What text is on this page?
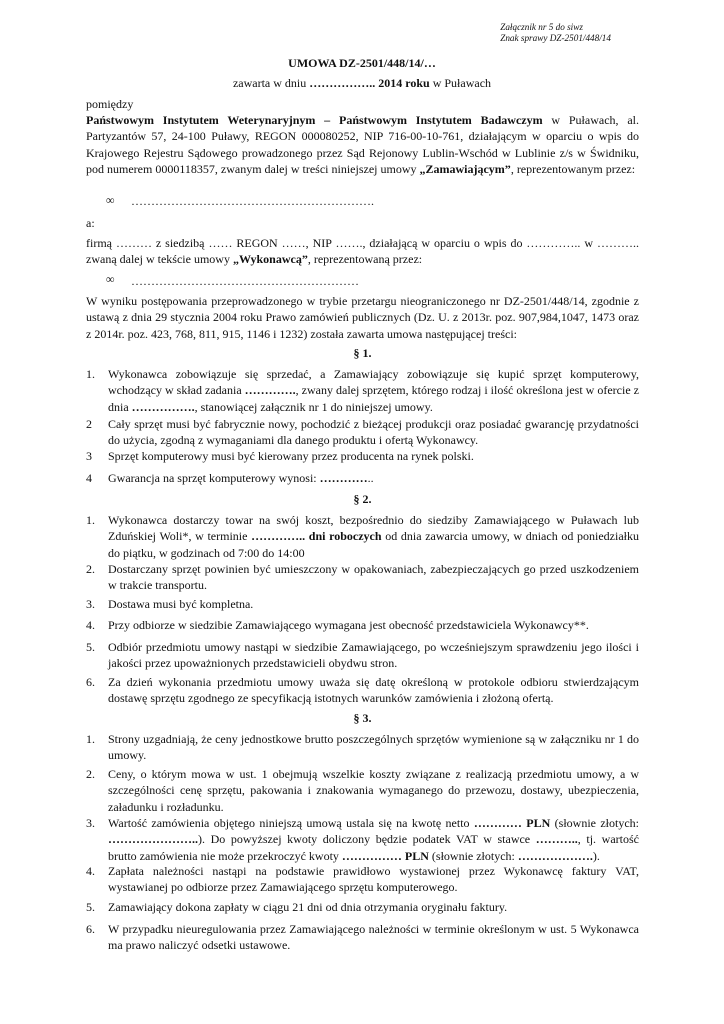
Załącznik nr 5 do siwz
Znak sprawy DZ-2501/448/14
UMOWA DZ-2501/448/14/…
zawarta w dniu …………….. 2014 roku w Puławach
pomiędzy
Państwowym Instytutem Weterynaryjnym – Państwowym Instytutem Badawczym w Puławach, al. Partyzantów 57, 24-100 Puławy, REGON 000080252, NIP 716-00-10-761, działającym w oparciu o wpis do Krajowego Rejestru Sądowego prowadzonego przez Sąd Rejonowy Lublin-Wschód w Lublinie z/s w Świdniku, pod numerem 0000118357, zwanym dalej w treści niniejszej umowy „Zamawiającym”, reprezentowanym przez:
∞ …………………………………………………….
a:
firmą ……… z siedzibą …… REGON ……, NIP ……., działającą w oparciu o wpis do ………….. w ……….. zwaną dalej w tekście umowy „Wykonawcą”, reprezentowaną przez:
∞ …………………………………………………
W wyniku postępowania przeprowadzonego w trybie przetargu nieograniczonego nr DZ-2501/448/14, zgodnie z ustawą z dnia 29 stycznia 2004 roku Prawo zamówień publicznych (Dz. U. z 2013r. poz. 907,984,1047, 1473 oraz z 2014r. poz. 423, 768, 811, 915, 1146 i 1232) została zawarta umowa następującej treści:
§ 1.
1.	Wykonawca zobowiązuje się sprzedać, a Zamawiający zobowiązuje się kupić sprzęt komputerowy, wchodzący w skład zadania …………., zwany dalej sprzętem, którego rodzaj i ilość określona jest w ofercie z dnia ……………., stanowiącej załącznik nr 1 do niniejszej umowy.
2	Cały sprzęt musi być fabrycznie nowy, pochodzić z bieżącej produkcji oraz posiadać gwarancję przydatności do użycia, zgodną z wymaganiami dla danego produktu i ofertą Wykonawcy.
3	Sprzęt komputerowy musi być kierowany przez producenta na rynek polski.
4	Gwarancja na sprzęt komputerowy wynosi: …………..
§ 2.
1.	Wykonawca dostarczy towar na swój koszt, bezpośrednio do siedziby Zamawiającego w Puławach lub Zduńskiej Woli*, w terminie ………….. dni roboczych od dnia zawarcia umowy, w dniach od poniedziałku do piątku, w godzinach od 7:00 do 14:00
2.	Dostarczany sprzęt powinien być umieszczony w opakowaniach, zabezpieczających go przed uszkodzeniem w trakcie transportu.
3.	Dostawa musi być kompletna.
4.	Przy odbiorze w siedzibie Zamawiającego wymagana jest obecność przedstawiciela Wykonawcy**.
5.	Odbiór przedmiotu umowy nastąpi w siedzibie Zamawiającego, po wcześniejszym sprawdzeniu jego ilości i jakości przez upoważnionych przedstawicieli obydwu stron.
6.	Za dzień wykonania przedmiotu umowy uważa się datę określoną w protokole odbioru stwierdzającym dostawę sprzętu zgodnego ze specyfikacją istotnych warunków zamówienia i złożoną ofertą.
§ 3.
1.	Strony uzgadniają, że ceny jednostkowe brutto poszczególnych sprzętów wymienione są w załączniku nr 1 do umowy.
2.	Ceny, o którym mowa w ust. 1 obejmują wszelkie koszty związane z realizacją przedmiotu umowy, a w szczególności cenę sprzętu, pakowania i znakowania wymaganego do przewozu, dostawy, ubezpieczenia, załadunku i rozładunku.
3.	Wartość zamówienia objętego niniejszą umową ustala się na kwotę netto ………… PLN (słownie złotych: …………………..). Do powyższej kwoty doliczony będzie podatek VAT w stawce ……….., tj. wartość brutto zamówienia nie może przekroczyć kwoty …………… PLN (słownie złotych: ……………….).
4.	Zapłata należności nastąpi na podstawie prawidłowo wystawionej przez Wykonawcę faktury VAT, wystawianej po odbiorze przez Zamawiającego sprzętu komputerowego.
5.	Zamawiający dokona zapłaty w ciągu 21 dni od dnia otrzymania oryginału faktury.
6.	W przypadku nieuregulowania przez Zamawiającego należności w terminie określonym w ust. 5 Wykonawca ma prawo naliczyć odsetki ustawowe.
